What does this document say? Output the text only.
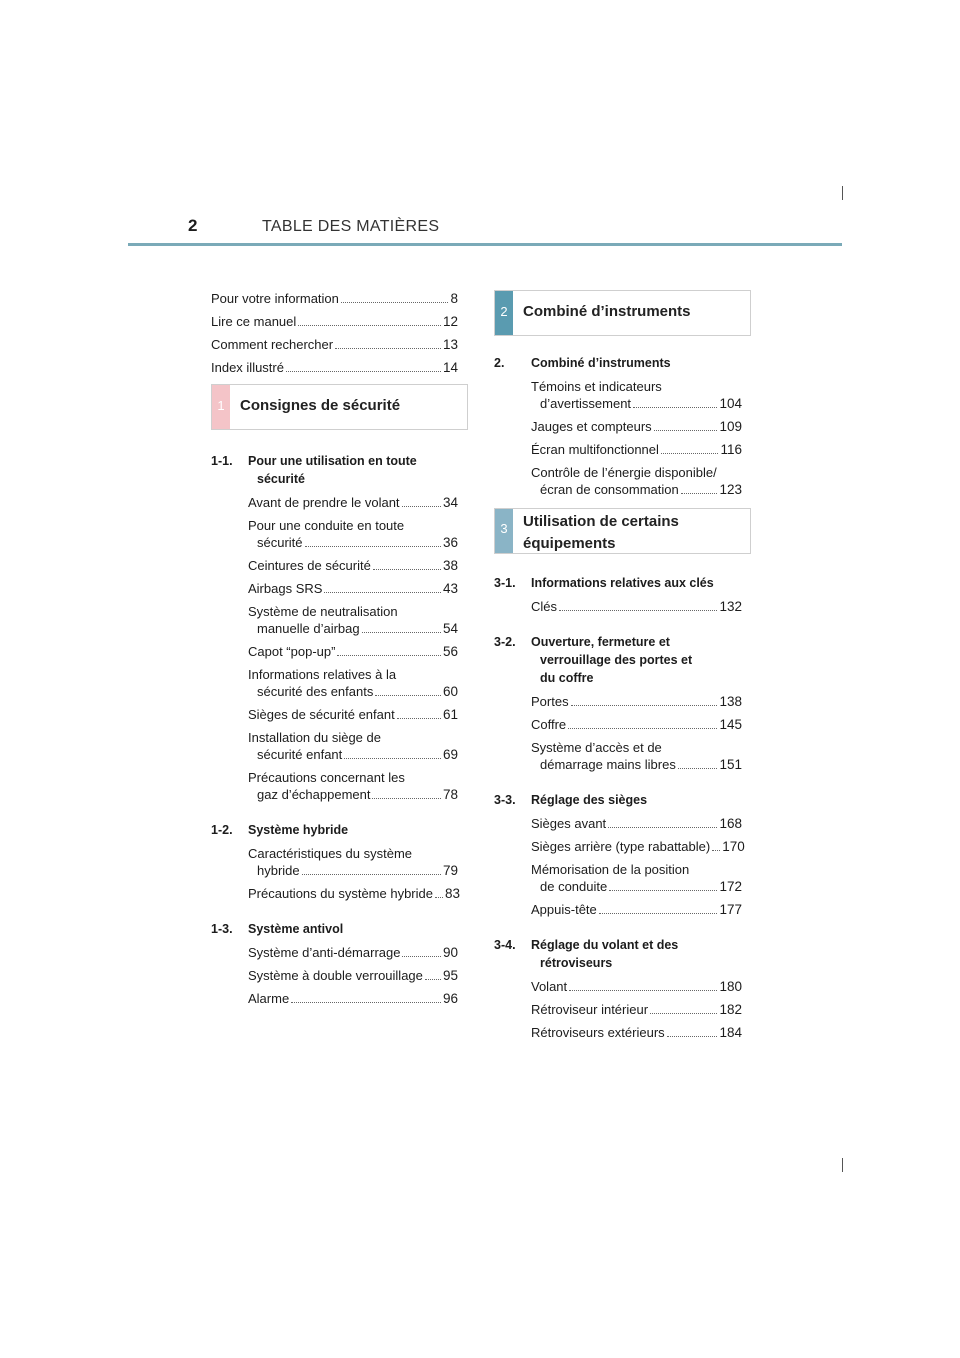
2	TABLE DES MATIÈRES
Pour votre information	8
Lire ce manuel	12
Comment rechercher	13
Index illustré	14
1	Consignes de sécurité
1-1.	Pour une utilisation en toute
sécurité
Avant de prendre le volant	34
Pour une conduite en toute
sécurité	36
Ceintures de sécurité	38
Airbags SRS	43
Système de neutralisation
manuelle d’airbag	54
Capot “pop-up”	56
Informations relatives à la
sécurité des enfants	60
Sièges de sécurité enfant	61
Installation du siège de
sécurité enfant	69
Précautions concernant les
gaz d’échappement	78
1-2.	Système hybride
Caractéristiques du système
hybride	79
Précautions du système hybride 83
1-3.	Système antivol
Système d’anti-démarrage	90
Système à double verrouillage 95
Alarme	96
2	Combiné d’instruments
2.	Combiné d’instruments
Témoins et indicateurs
d’avertissement	104
Jauges et compteurs	109
Écran multifonctionnel	116
Contrôle de l’énergie disponible/
écran de consommation	123
3	Utilisation de certains
équipements
3-1.	Informations relatives aux clés
Clés	132
3-2.	Ouverture, fermeture et
verrouillage des portes et
du coffre
Portes	138
Coffre	145
Système d’accès et de
démarrage mains libres	151
3-3.	Réglage des sièges
Sièges avant	168
Sièges arrière (type rabattable) 170
Mémorisation de la position
de conduite	172
Appuis-tête	177
3-4.	Réglage du volant et des
rétroviseurs
Volant	180
Rétroviseur intérieur	182
Rétroviseurs extérieurs	184
